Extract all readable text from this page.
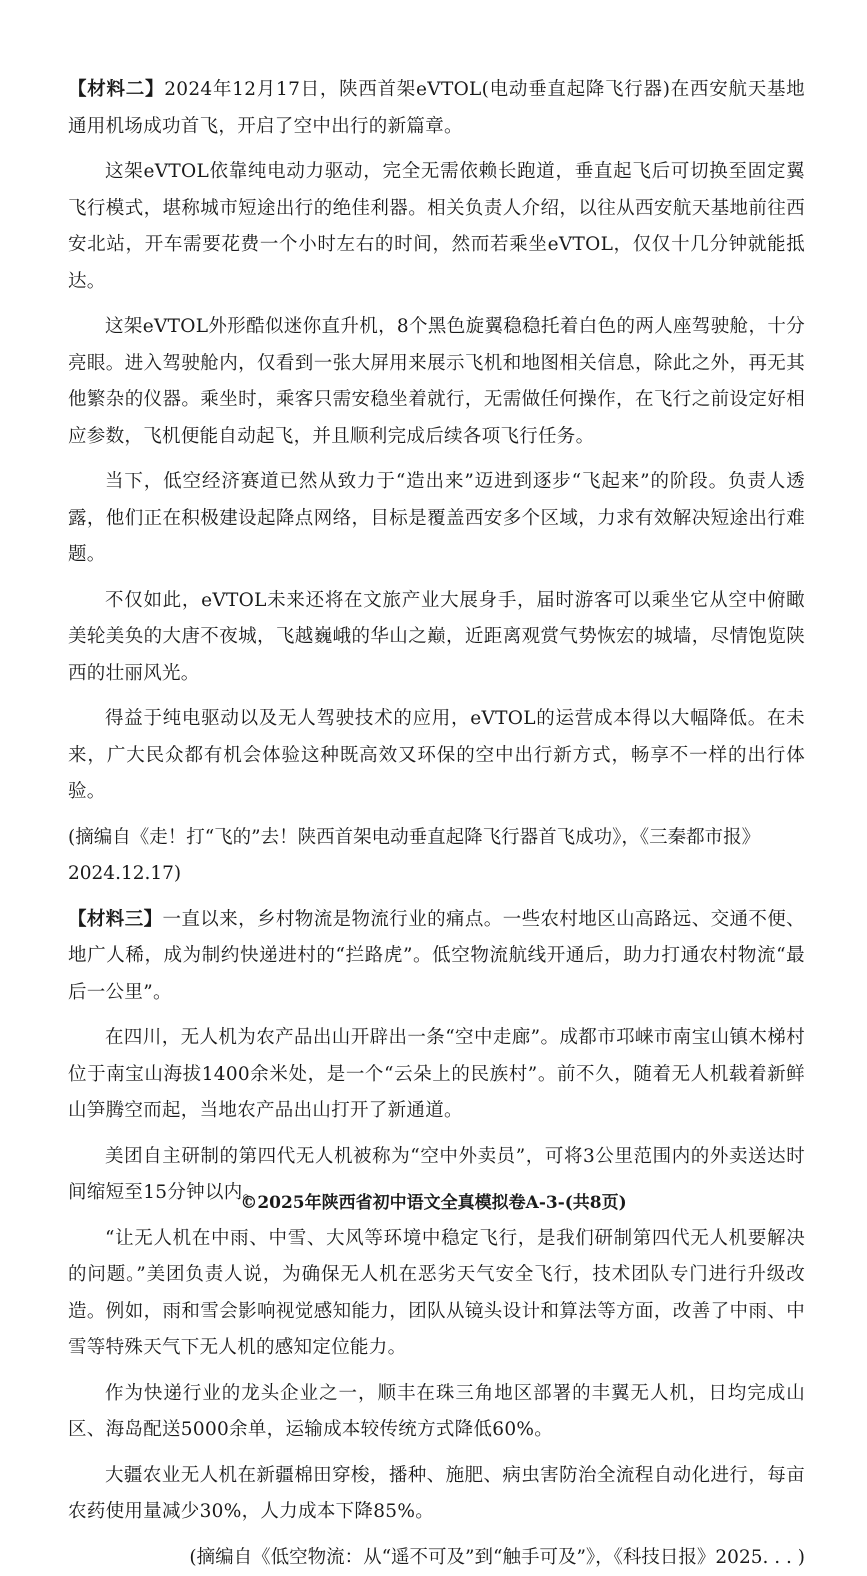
【材料二】2024年12月17日，陕西首架eVTOL(电动垂直起降飞行器)在西安航天基地通用机场成功首飞，开启了空中出行的新篇章。

这架eVTOL依靠纯电动力驱动，完全无需依赖长跑道，垂直起飞后可切换至固定翼飞行模式，堪称城市短途出行的绝佳利器。相关负责人介绍，以往从西安航天基地前往西安北站，开车需要花费一个小时左右的时间，然而若乘坐eVTOL，仅仅十几分钟就能抵达。

这架eVTOL外形酷似迷你直升机，8个黑色旋翼稳稳托着白色的两人座驾驶舱，十分亮眼。进入驾驶舱内，仅看到一张大屏用来展示飞机和地图相关信息，除此之外，再无其他繁杂的仪器。乘坐时，乘客只需安稳坐着就行，无需做任何操作，在飞行之前设定好相应参数，飞机便能自动起飞，并且顺利完成后续各项飞行任务。

当下，低空经济赛道已然从致力于“造出来”迈进到逐步“飞起来”的阶段。负责人透露，他们正在积极建设起降点网络，目标是覆盖西安多个区域，力求有效解决短途出行难题。

不仅如此，eVTOL未来还将在文旅产业大展身手，届时游客可以乘坐它从空中俯瞰美轮美奂的大唐不夜城，飞越巍峨的华山之巅，近距离观赏气势恢宏的城墙，尽情饱览陕西的壮丽风光。

得益于纯电驱动以及无人驾驶技术的应用，eVTOL的运营成本得以大幅降低。在未来，广大民众都有机会体验这种既高效又环保的空中出行新方式，畅享不一样的出行体验。

(摘编自《走！打“飞的”去！陕西首架电动垂直起降飞行器首飞成功》，《三秦都市报》2024.12.17)

【材料三】一直以来，乡村物流是物流行业的痛点。一些农村地区山高路远、交通不便、地广人稀，成为制约快递进村的“拦路虎”。低空物流航线开通后，助力打通农村物流“最后一公里”。

在四川，无人机为农产品出山开辟出一条“空中走廊”。成都市邛崃市南宝山镇木梯村位于南宝山海拔1400余米处，是一个“云朵上的民族村”。前不久，随着无人机载着新鲜山笋腾空而起，当地农产品出山打开了新通道。

美团自主研制的第四代无人机被称为“空中外卖员”，可将3公里范围内的外卖送达时间缩短至15分钟以内。

“让无人机在中雨、中雪、大风等环境中稳定飞行，是我们研制第四代无人机要解决的问题。”美团负责人说，为确保无人机在恶劣天气安全飞行，技术团队专门进行升级改造。例如，雨和雪会影响视觉感知能力，团队从镜头设计和算法等方面，改善了中雨、中雪等特殊天气下无人机的感知定位能力。

作为快递行业的龙头企业之一，顺丰在珠三角地区部署的丰翼无人机，日均完成山区、海岛配送5000余单，运输成本较传统方式降低60%。

大疆农业无人机在新疆棉田穿梭，播种、施肥、病虫害防治全流程自动化进行，每亩农药使用量减少30%，人力成本下降85%。

(摘编自《低空物流：从“遥不可及”到“触手可及”》，《科技日报》2025. . . )

©2025年陕西省初中语文全真模拟卷A-3-(共8页)
